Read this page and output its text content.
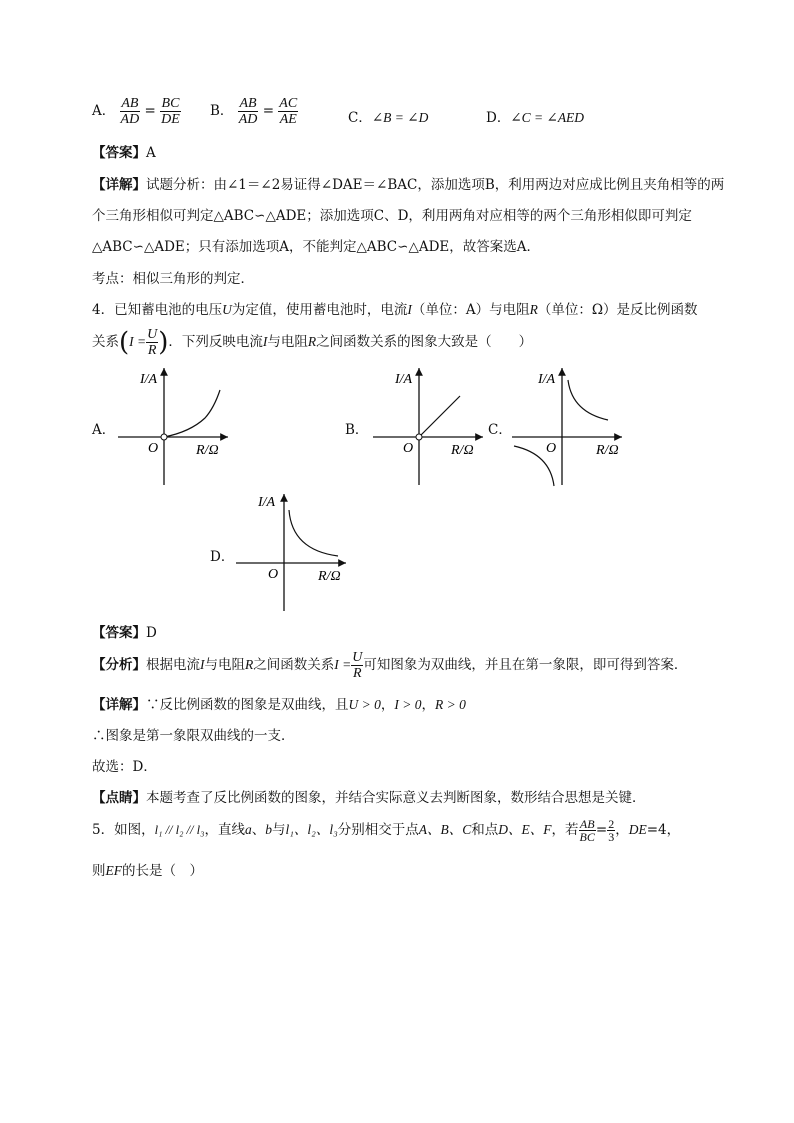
A． $\frac{AB}{AD} = \frac{BC}{DE}$ B． $\frac{AB}{AD} = \frac{AC}{AE}$	C．∠B = ∠D	D．∠C = ∠AED
【答案】A
【详解】试题分析：由∠1＝∠2易证得∠DAE＝∠BAC，添加选项B，利用两边对应成比例且夹角相等的两
个三角形相似可判定△ABC∽△ADE；添加选项C、D，利用两角对应相等的两个三角形相似即可判定
△ABC∽△ADE；只有添加选项A，不能判定△ABC∽△ADE，故答案选A．
考点：相似三角形的判定．
4．已知蓄电池的电压U为定值，使用蓄电池时，电流I（单位：A）与电阻R（单位：Ω）是反比例函数
关系($I = \frac{U}{R}$ )．下列反映电流I与电阻R之间函数关系的图象大致是（　　）
A．
I/A
O	R/Ω
B．
I/A
O	R/Ω
C．
I/A
O	R/Ω
D．
I/A
O	R/Ω
【答案】D
【分析】根据电流I与电阻R之间函数关系$I = \frac{U}{R}$ 可知图象为双曲线，并且在第一象限，即可得到答案．
【详解】∵反比例函数的图象是双曲线，且U > 0，I > 0，R > 0
∴图象是第一象限双曲线的一支．
故选：D．
【点睛】本题考查了反比例函数的图象，并结合实际意义去判断图象，数形结合思想是关键．
5．如图，l₁ // l₂ // l₃，直线a、b与l₁、l₂、l₃分别相交于点A、B、C和点D、E、F，若 $\frac{AB}{BC} = \frac{2}{3}$ ，DE=4，
则EF的长是（　）
